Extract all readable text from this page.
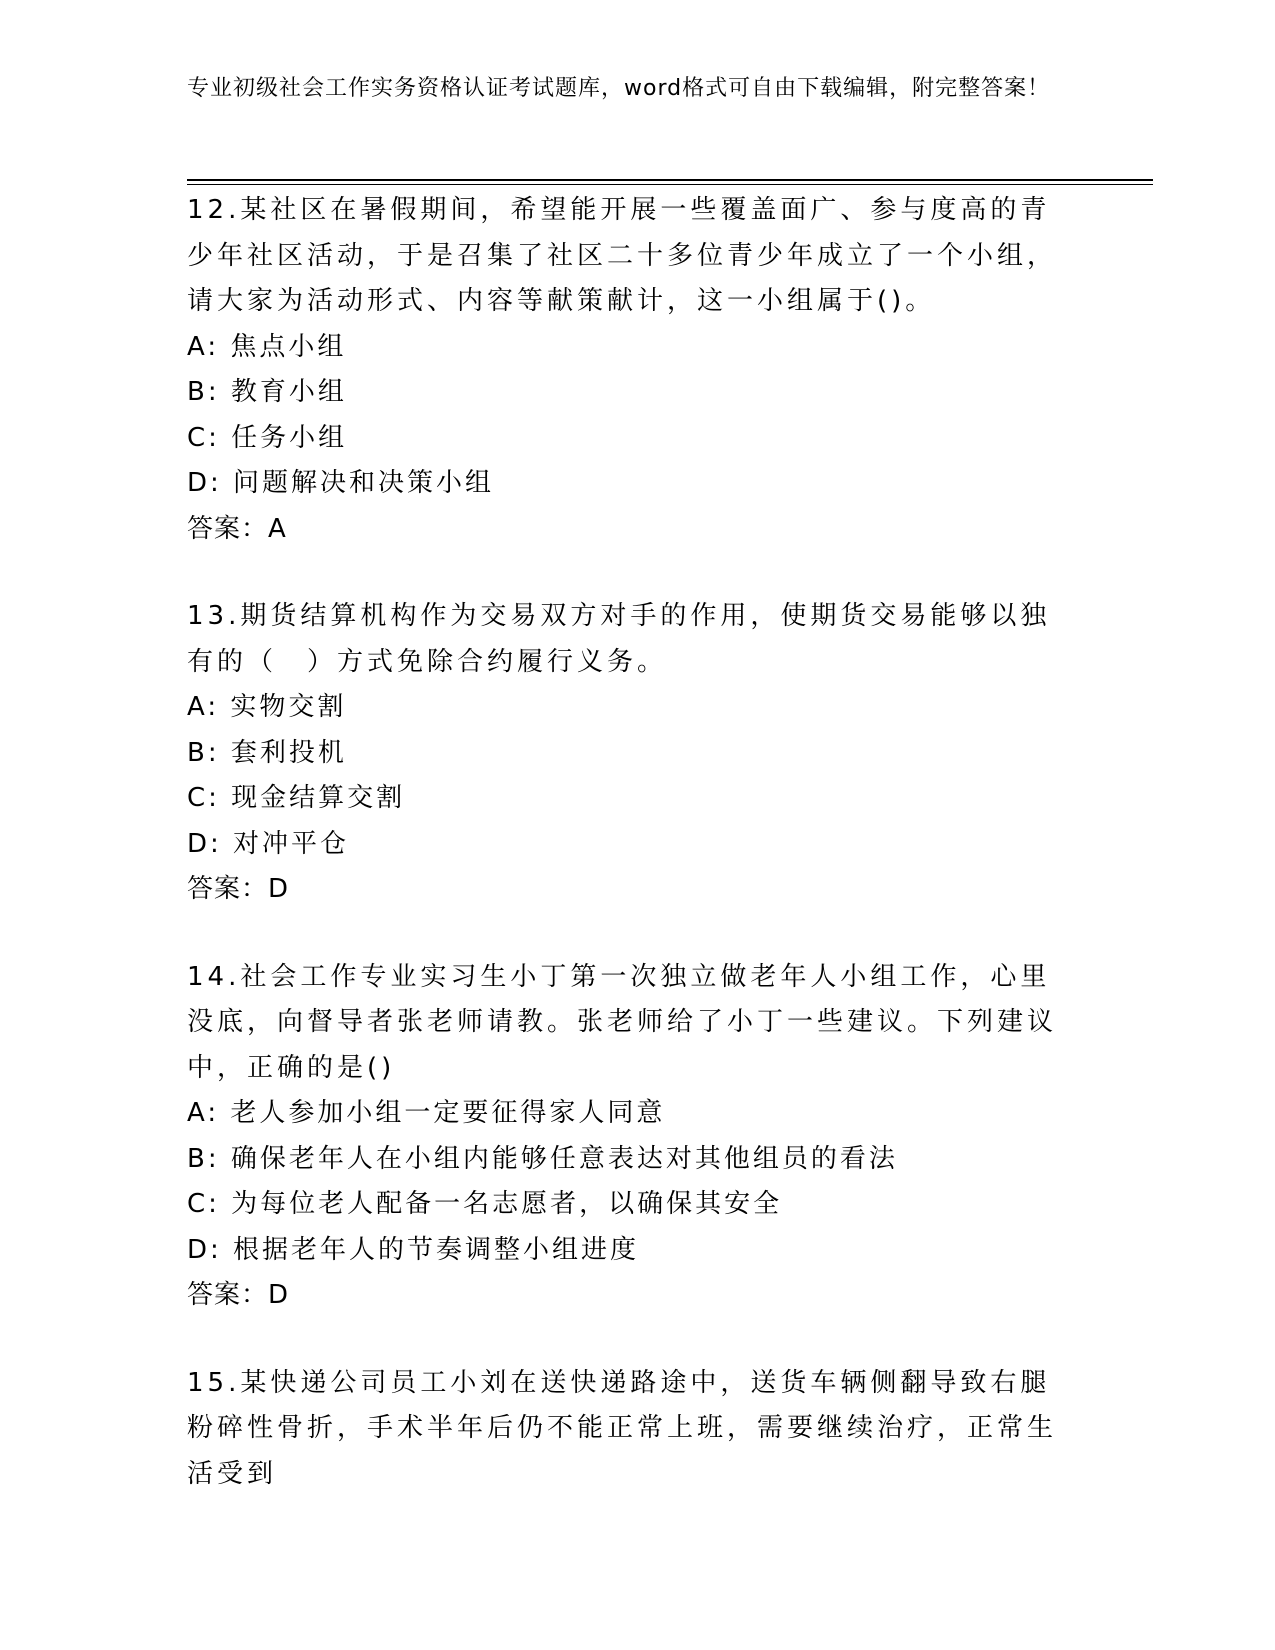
专业初级社会工作实务资格认证考试题库，word格式可自由下载编辑，附完整答案！

12.某社区在暑假期间，希望能开展一些覆盖面广、参与度高的青少年社区活动，于是召集了社区二十多位青少年成立了一个小组，请大家为活动形式、内容等献策献计，这一小组属于()。

A: 焦点小组

B: 教育小组

C: 任务小组

D: 问题解决和决策小组

答案：A

13.期货结算机构作为交易双方对手的作用，使期货交易能够以独有的（　）方式免除合约履行义务。

A: 实物交割

B: 套利投机

C: 现金结算交割

D: 对冲平仓

答案：D

14.社会工作专业实习生小丁第一次独立做老年人小组工作，心里没底，向督导者张老师请教。张老师给了小丁一些建议。下列建议中，正确的是()

A: 老人参加小组一定要征得家人同意

B: 确保老年人在小组内能够任意表达对其他组员的看法

C: 为每位老人配备一名志愿者，以确保其安全

D: 根据老年人的节奏调整小组进度

答案：D

15.某快递公司员工小刘在送快递路途中，送货车辆侧翻导致右腿粉碎性骨折，手术半年后仍不能正常上班，需要继续治疗，正常生活受到
